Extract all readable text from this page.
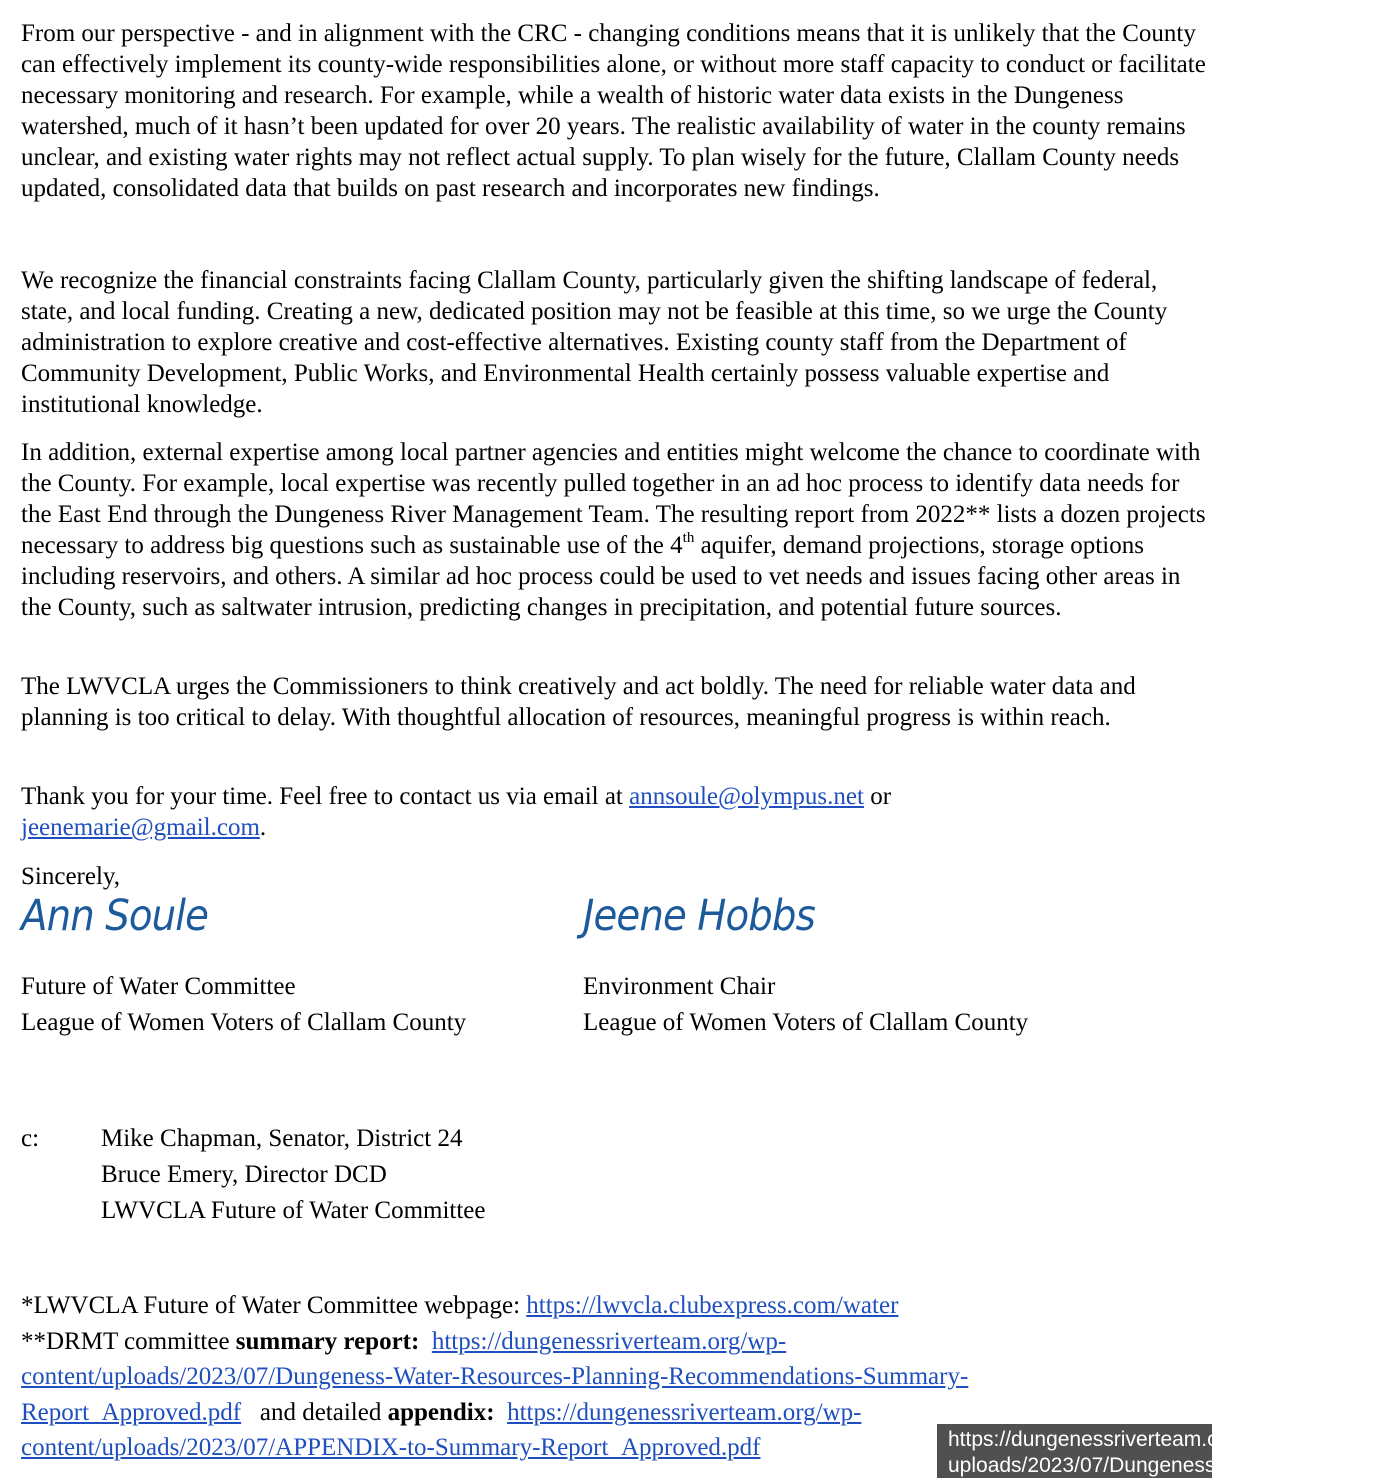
From our perspective - and in alignment with the CRC - changing conditions means that it is unlikely that the County can effectively implement its county-wide responsibilities alone, or without more staff capacity to conduct or facilitate necessary monitoring and research. For example, while a wealth of historic water data exists in the Dungeness watershed, much of it hasn’t been updated for over 20 years. The realistic availability of water in the county remains unclear, and existing water rights may not reflect actual supply. To plan wisely for the future, Clallam County needs updated, consolidated data that builds on past research and incorporates new findings.

We recognize the financial constraints facing Clallam County, particularly given the shifting landscape of federal, state, and local funding. Creating a new, dedicated position may not be feasible at this time, so we urge the County administration to explore creative and cost-effective alternatives. Existing county staff from the Department of Community Development, Public Works, and Environmental Health certainly possess valuable expertise and institutional knowledge.

In addition, external expertise among local partner agencies and entities might welcome the chance to coordinate with the County. For example, local expertise was recently pulled together in an ad hoc process to identify data needs for the East End through the Dungeness River Management Team. The resulting report from 2022** lists a dozen projects necessary to address big questions such as sustainable use of the 4th aquifer, demand projections, storage options including reservoirs, and others. A similar ad hoc process could be used to vet needs and issues facing other areas in the County, such as saltwater intrusion, predicting changes in precipitation, and potential future sources.

The LWVCLA urges the Commissioners to think creatively and act boldly. The need for reliable water data and planning is too critical to delay. With thoughtful allocation of resources, meaningful progress is within reach.

Thank you for your time. Feel free to contact us via email at annsoule@olympus.net or
jeenemarie@gmail.com.

Sincerely,
Ann Soule	Jeene Hobbs
Future of Water Committee
League of Women Voters of Clallam County
Environment Chair
League of Women Voters of Clallam County
c: Mike Chapman, Senator, District 24
Bruce Emery, Director DCD
LWVCLA Future of Water Committee
*LWVCLA Future of Water Committee webpage: https://lwvcla.clubexpress.com/water
**DRMT committee summary report: https://dungenessriverteam.org/wp-
content/uploads/2023/07/Dungeness-Water-Resources-Planning-Recommendations-Summary-
Report_Approved.pdf and detailed appendix: https://dungenessriverteam.org/wp-
content/uploads/2023/07/APPENDIX-to-Summary-Report_Approved.pdf	https://dungenessriverteam.org/wp-content/
uploads/2023/07/Dungeness-Water-Resources
